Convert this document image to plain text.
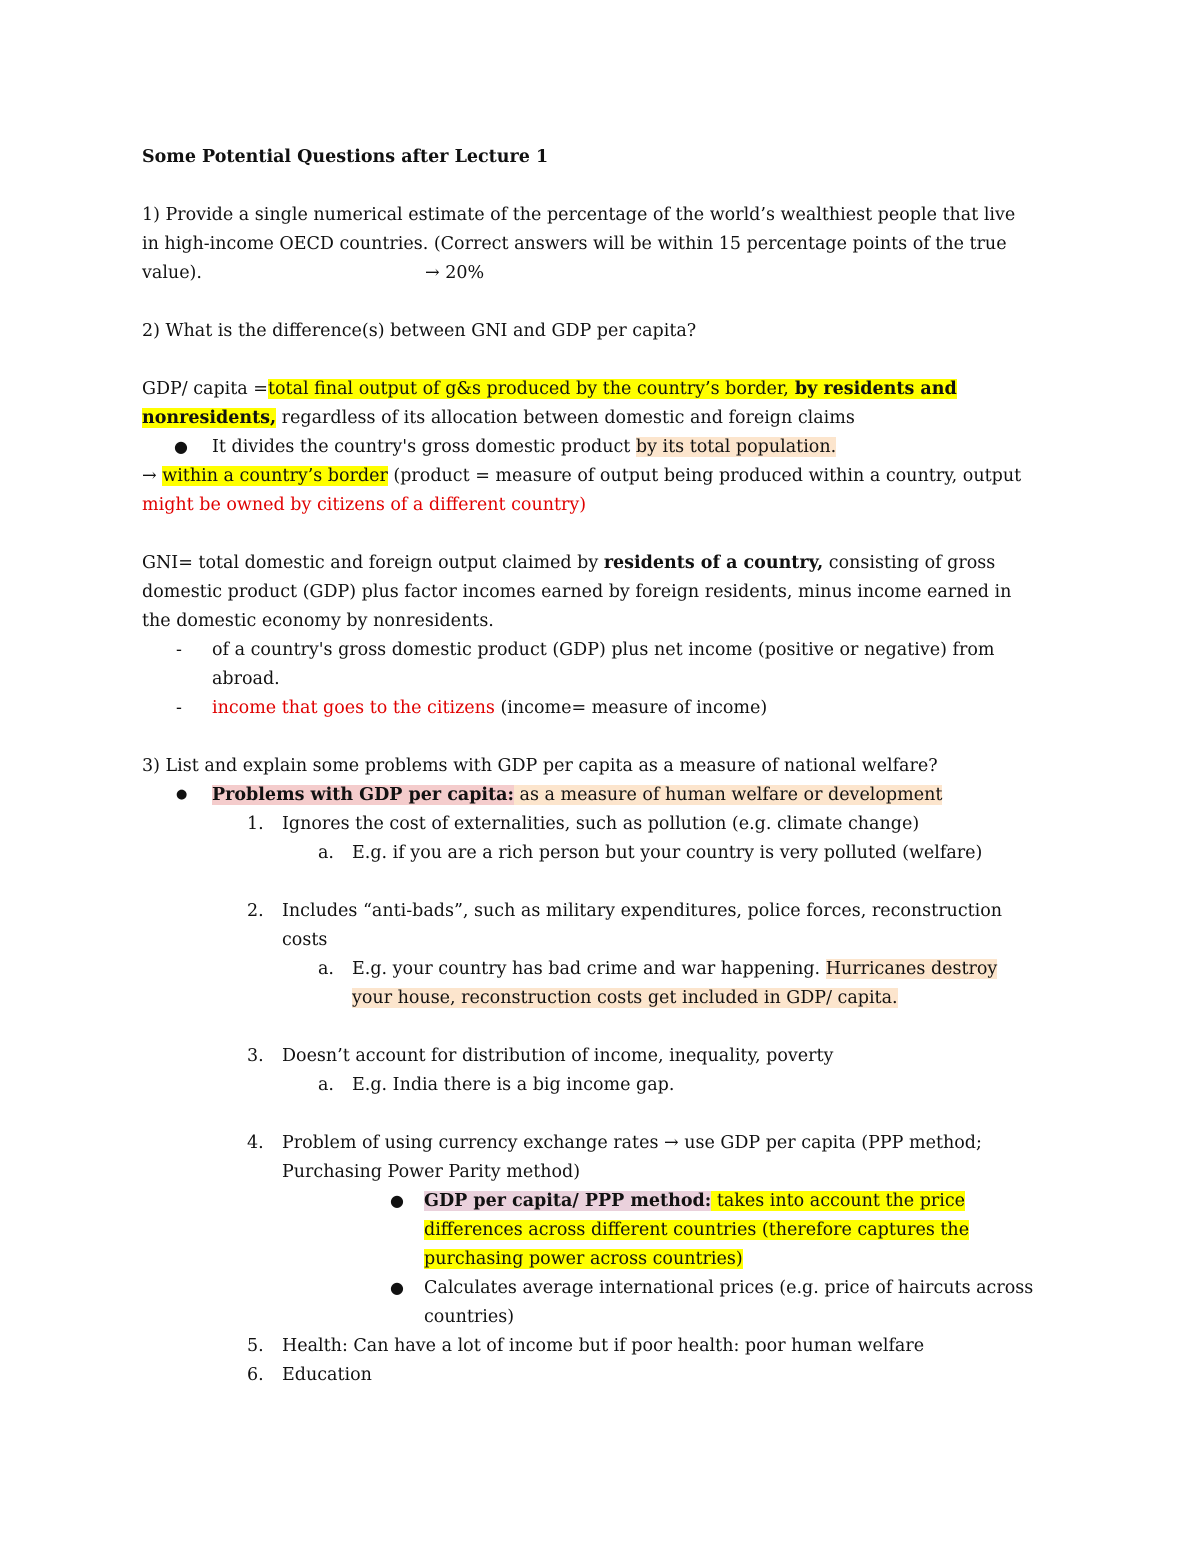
Some Potential Questions after Lecture 1
1) Provide a single numerical estimate of the percentage of the world’s wealthiest people that live
in high-income OECD countries. (Correct answers will be within 15 percentage points of the true
value).	→ 20%
2) What is the difference(s) between GNI and GDP per capita?
GDP/ capita =total final output of g&s produced by the country’s border, by residents and
nonresidents, regardless of its allocation between domestic and foreign claims
● It divides the country's gross domestic product by its total population.
→ within a country’s border (product = measure of output being produced within a country, output
might be owned by citizens of a different country)
GNI= total domestic and foreign output claimed by residents of a country, consisting of gross
domestic product (GDP) plus factor incomes earned by foreign residents, minus income earned in
the domestic economy by nonresidents.
- of a country's gross domestic product (GDP) plus net income (positive or negative) from
abroad.
- income that goes to the citizens (income= measure of income)
3) List and explain some problems with GDP per capita as a measure of national welfare?
● Problems with GDP per capita: as a measure of human welfare or development
1. Ignores the cost of externalities, such as pollution (e.g. climate change)
a. E.g. if you are a rich person but your country is very polluted (welfare)
2. Includes “anti-bads”, such as military expenditures, police forces, reconstruction
costs
a. E.g. your country has bad crime and war happening. Hurricanes destroy
your house, reconstruction costs get included in GDP/ capita.
3. Doesn’t account for distribution of income, inequality, poverty
a. E.g. India there is a big income gap.
4. Problem of using currency exchange rates → use GDP per capita (PPP method;
Purchasing Power Parity method)
● GDP per capita/ PPP method: takes into account the price
differences across different countries (therefore captures the
purchasing power across countries)
● Calculates average international prices (e.g. price of haircuts across
countries)
5. Health: Can have a lot of income but if poor health: poor human welfare
6. Education
